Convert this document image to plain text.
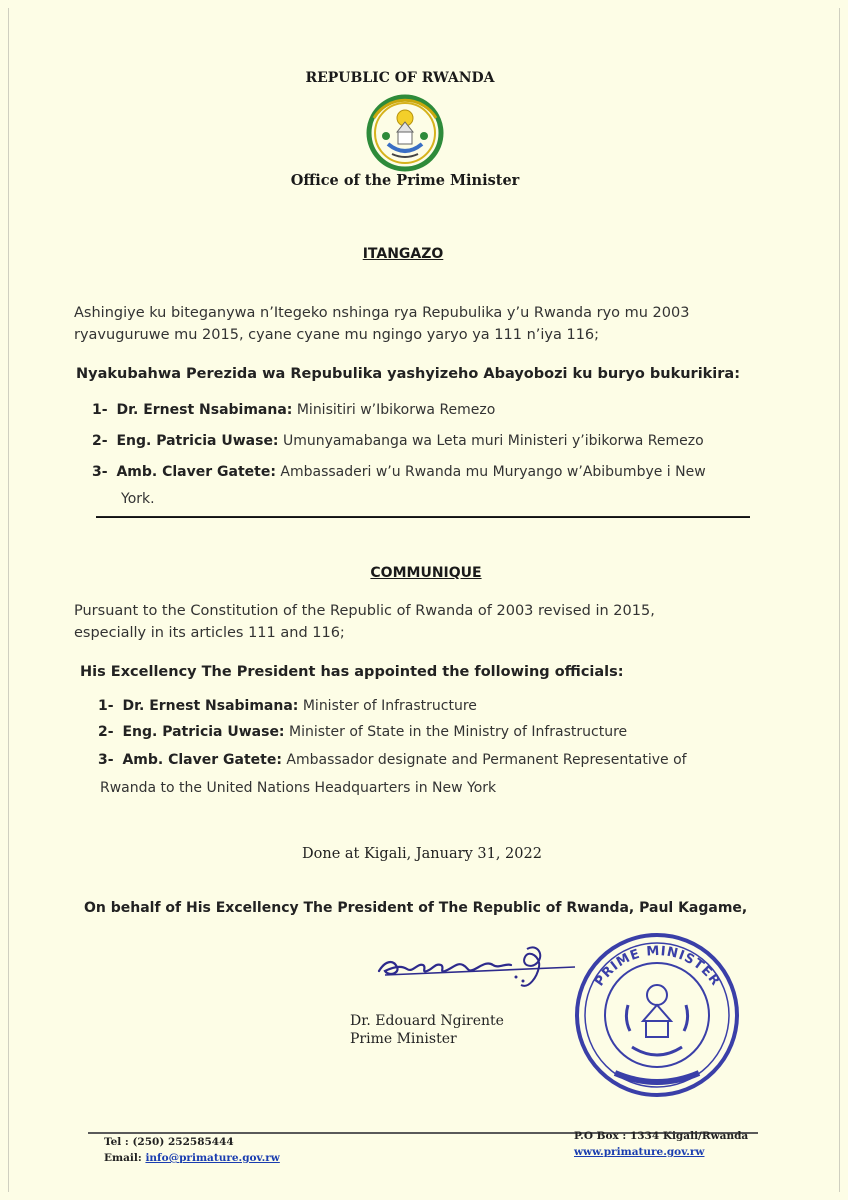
REPUBLIC OF RWANDA
Office of the Prime Minister
ITANGAZO
Ashingiye ku biteganywa n’Itegeko nshinga rya Repubulika y’u Rwanda ryo mu 2003
ryavuguruwe mu 2015, cyane cyane mu ngingo yaryo ya 111 n’iya 116;
Nyakubahwa Perezida wa Repubulika yashyizeho Abayobozi ku buryo bukurikira:
1- Dr. Ernest Nsabimana: Minisitiri w’Ibikorwa Remezo
2- Eng. Patricia Uwase: Umunyamabanga wa Leta muri Ministeri y’ibikorwa Remezo
3- Amb. Claver Gatete: Ambassaderi w’u Rwanda mu Muryango w’Abibumbye i New
York.
COMMUNIQUE
Pursuant to the Constitution of the Republic of Rwanda of 2003 revised in 2015,
especially in its articles 111 and 116;
His Excellency The President has appointed the following officials:
1- Dr. Ernest Nsabimana: Minister of Infrastructure
2- Eng. Patricia Uwase: Minister of State in the Ministry of Infrastructure
3- Amb. Claver Gatete: Ambassador designate and Permanent Representative of
Rwanda to the United Nations Headquarters in New York
Done at Kigali, January 31, 2022
On behalf of His Excellency The President of The Republic of Rwanda, Paul Kagame,
Dr. Edouard Ngirente
Prime Minister
PRIME MINISTER
Tel : (250) 252585444
Email: info@primature.gov.rw
P.O Box : 1334 Kigali/Rwanda
www.primature.gov.rw
